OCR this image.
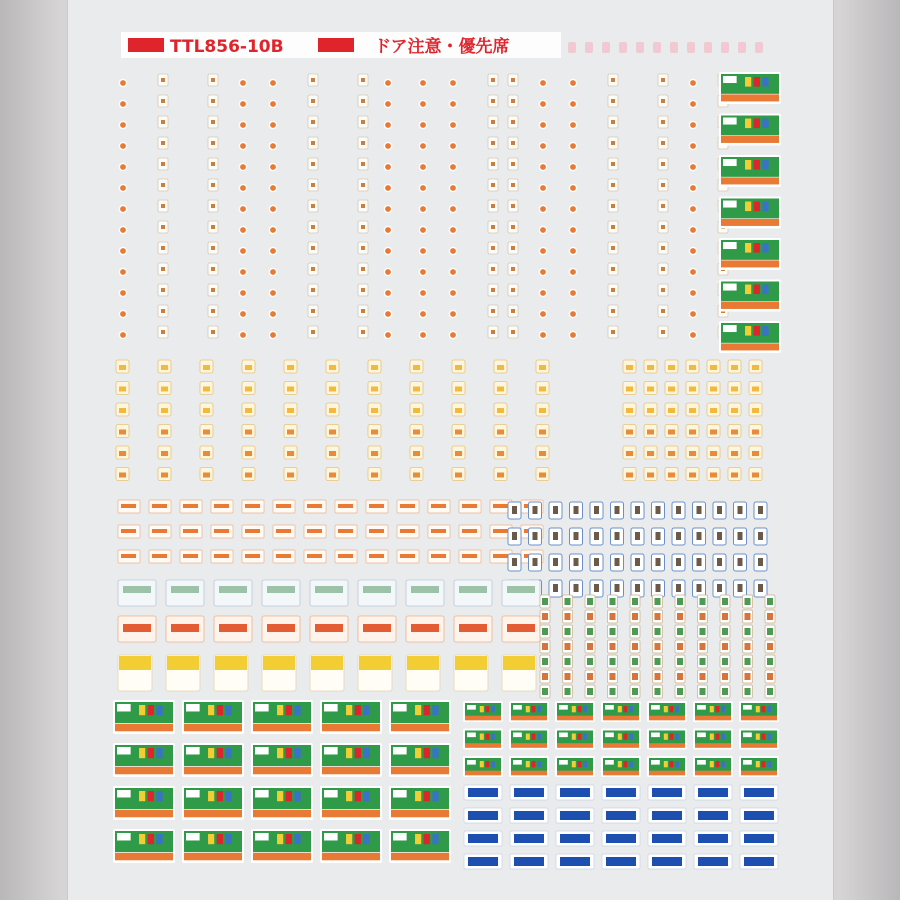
TTL856-10B	ドア注意・優先席
